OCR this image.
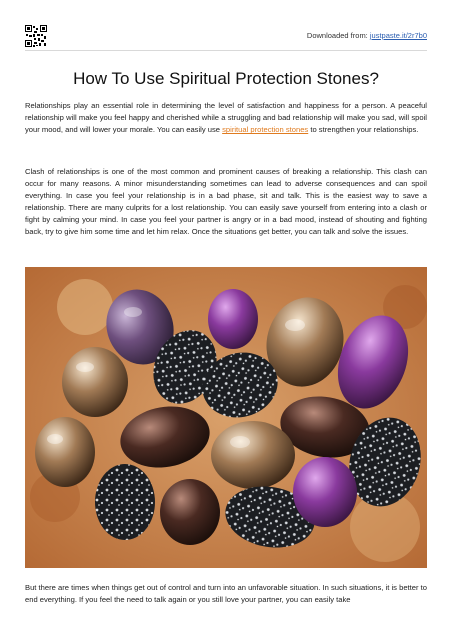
Downloaded from: justpaste.it/2r7b0
How To Use Spiritual Protection Stones?

Relationships play an essential role in determining the level of satisfaction and happiness for a person. A peaceful relationship will make you feel happy and cherished while a struggling and bad relationship will make you sad, will spoil your mood, and will lower your morale. You can easily use spiritual protection stones to strengthen your relationships.

Clash of relationships is one of the most common and prominent causes of breaking a relationship. This clash can occur for many reasons. A minor misunderstanding sometimes can lead to adverse consequences and can spoil everything. In case you feel your relationship is in a bad phase, sit and talk. This is the easiest way to save a relationship. There are many culprits for a lost relationship. You can easily save yourself from entering into a clash or fight by calming your mind. In case you feel your partner is angry or in a bad mood, instead of shouting and fighting back, try to give him some time and let him relax. Once the situations get better, you can talk and solve the issues.

But there are times when things get out of control and turn into an unfavorable situation. In such situations, it is better to end everything. If you feel the need to talk again or you still love your partner, you can easily take
